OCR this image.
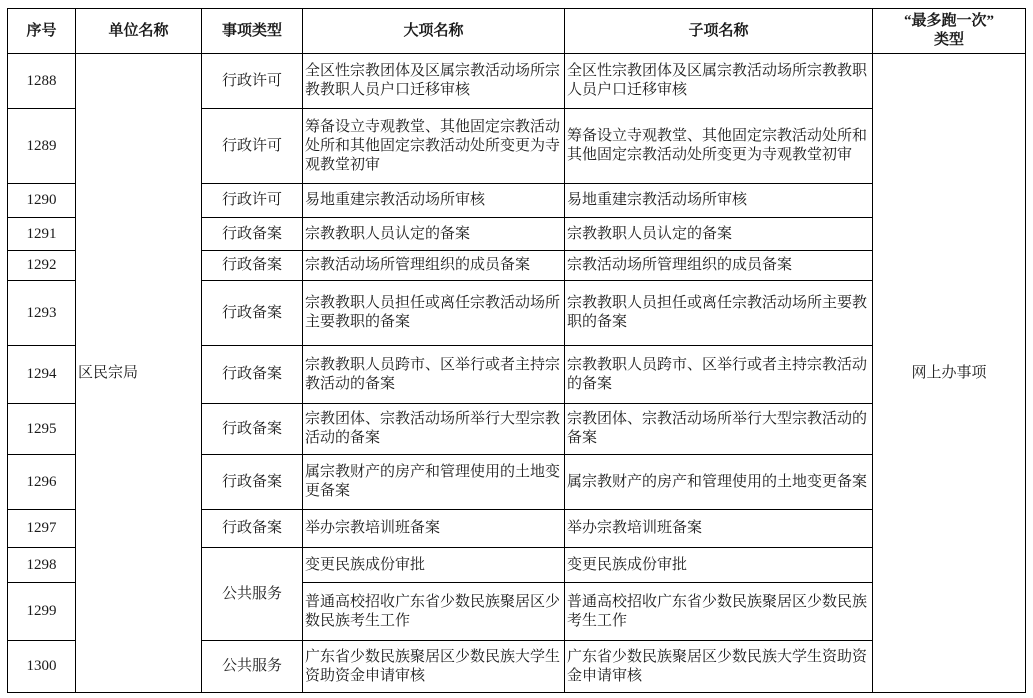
序号	单位名称	事项类型	大项名称	子项名称	“最多跑一次”
类型

1288	区民宗局	行政许可	全区性宗教团体及区属宗教活动场所宗教教职人员户口迁移审核	全区性宗教团体及区属宗教活动场所宗教教职人员户口迁移审核	网上办事项
1289		行政许可	筹备设立寺观教堂、其他固定宗教活动处所和其他固定宗教活动处所变更为寺观教堂初审	筹备设立寺观教堂、其他固定宗教活动处所和其他固定宗教活动处所变更为寺观教堂初审	
1290		行政许可	易地重建宗教活动场所审核	易地重建宗教活动场所审核	
1291		行政备案	宗教教职人员认定的备案	宗教教职人员认定的备案	
1292		行政备案	宗教活动场所管理组织的成员备案	宗教活动场所管理组织的成员备案	
1293		行政备案	宗教教职人员担任或离任宗教活动场所主要教职的备案	宗教教职人员担任或离任宗教活动场所主要教职的备案	
1294		行政备案	宗教教职人员跨市、区举行或者主持宗教活动的备案	宗教教职人员跨市、区举行或者主持宗教活动的备案	
1295		行政备案	宗教团体、宗教活动场所举行大型宗教活动的备案	宗教团体、宗教活动场所举行大型宗教活动的备案	
1296		行政备案	属宗教财产的房产和管理使用的土地变更备案	属宗教财产的房产和管理使用的土地变更备案	
1297		行政备案	举办宗教培训班备案	举办宗教培训班备案	
1298		公共服务	变更民族成份审批	变更民族成份审批	
1299			普通高校招收广东省少数民族聚居区少数民族考生工作	普通高校招收广东省少数民族聚居区少数民族考生工作	
1300		公共服务	广东省少数民族聚居区少数民族大学生资助资金申请审核	广东省少数民族聚居区少数民族大学生资助资金申请审核	
